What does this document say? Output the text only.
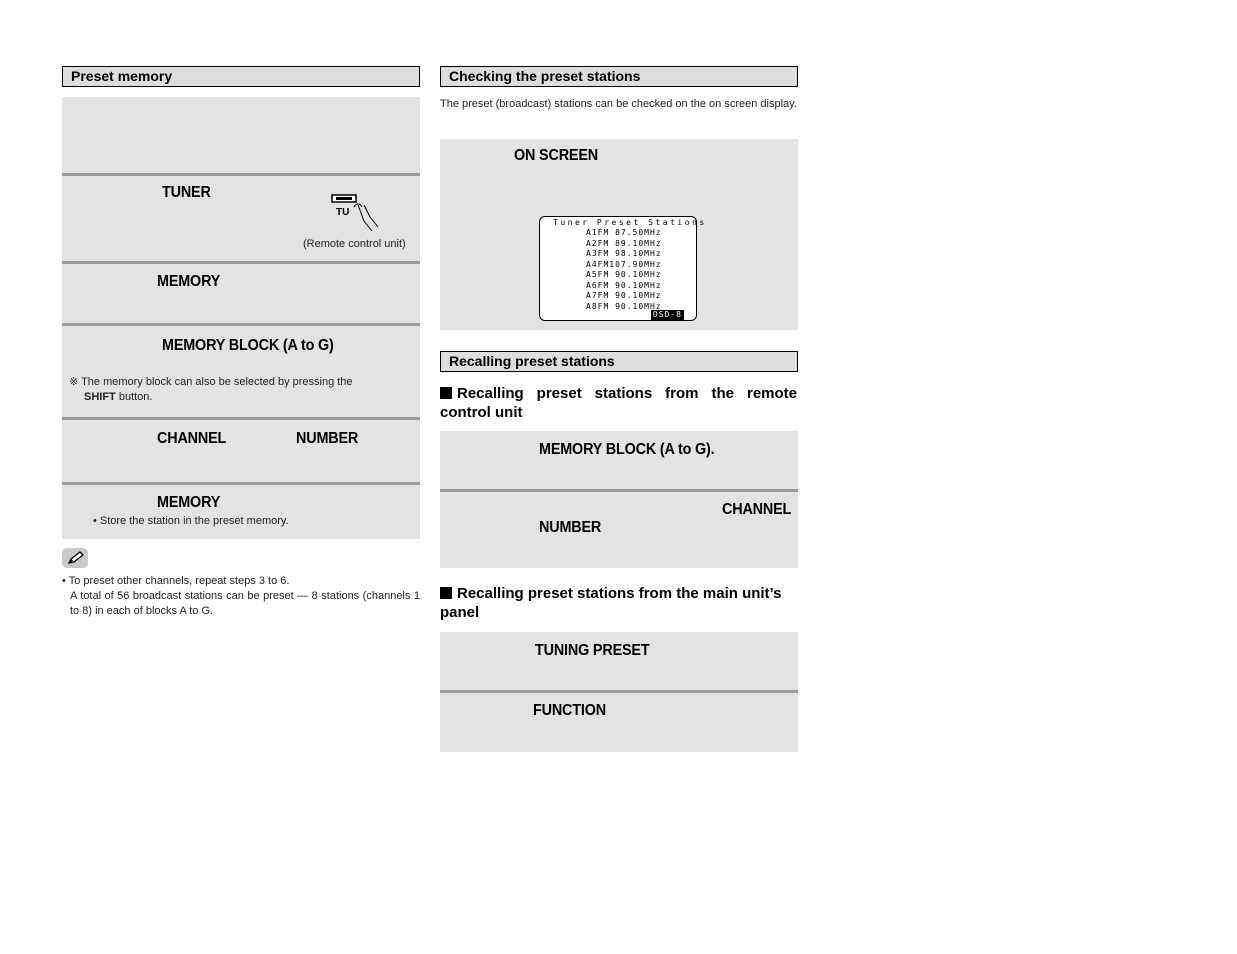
Preset memory
TUNER
TU
(Remote control unit)
MEMORY
MEMORY BLOCK (A to G)
※ The memory block can also be selected by pressing the
SHIFT button.
CHANNEL	NUMBER
MEMORY
• Store the station in the preset memory.
• To preset other channels, repeat steps 3 to 6.
A total of 56 broadcast stations can be preset — 8 stations (channels 1 to 8) in each of blocks A to G.
Checking the preset stations
The preset (broadcast) stations can be checked on the on screen display.
ON SCREEN
Tuner Preset Stations
A1FM 87.50MHz
A2FM 89.10MHz
A3FM 98.10MHz
A4FM107.90MHz
A5FM 90.10MHz
A6FM 90.10MHz
A7FM 90.10MHz
A8FM 90.10MHz
OSD-8
Recalling preset stations
Recalling preset stations from the remote control unit
MEMORY BLOCK (A to G).
CHANNEL
NUMBER
Recalling preset stations from the main unit’s panel
TUNING PRESET
FUNCTION
